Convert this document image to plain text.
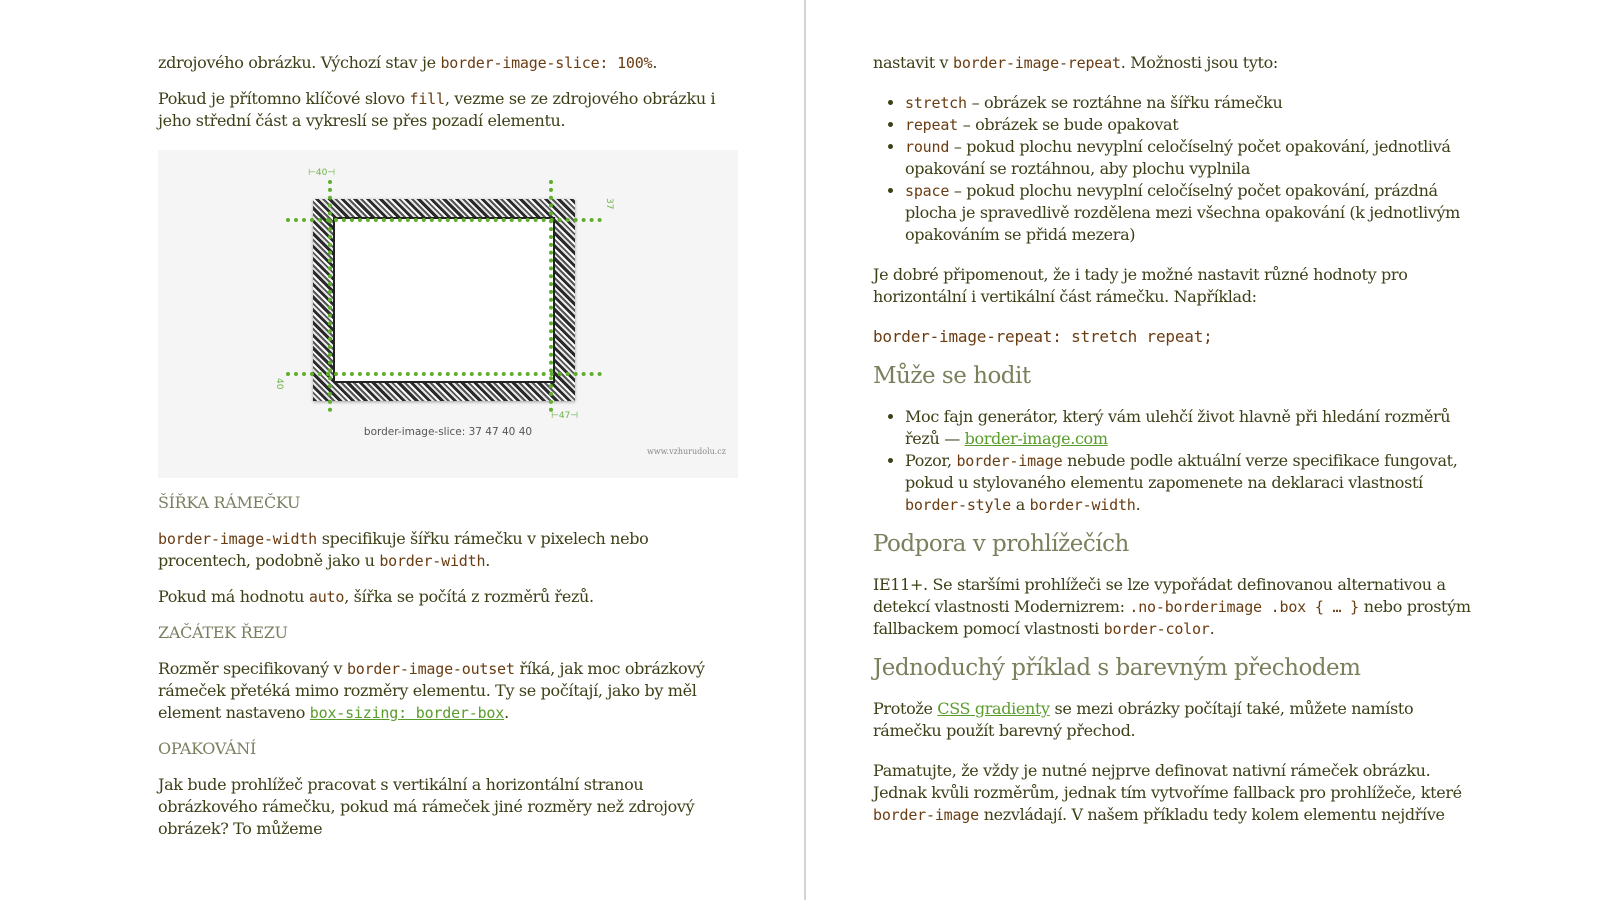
zdrojového obrázku. Výchozí stav je border-image-slice: 100%.

Pokud je přítomno klíčové slovo fill, vezme se ze zdrojového obrázku i jeho střední část a vykreslí se přes pozadí elementu.

⊢40⊣
37
40
⊢47⊣
border-image-slice: 37 47 40 40
www.vzhurudolu.cz
ŠÍŘKA RÁMEČKU

border-image-width specifikuje šířku rámečku v pixelech nebo procentech, podobně jako u border-width.

Pokud má hodnotu auto, šířka se počítá z rozměrů řezů.

ZAČÁTEK ŘEZU

Rozměr specifikovaný v border-image-outset říká, jak moc obrázkový rámeček přetéká mimo rozměry elementu. Ty se počítají, jako by měl element nastaveno box-sizing: border-box.

OPAKOVÁNÍ

Jak bude prohlížeč pracovat s vertikální a horizontální stranou obrázkového rámečku, pokud má rámeček jiné rozměry než zdrojový obrázek? To můžeme

nastavit v border-image-repeat. Možnosti jsou tyto:

• stretch – obrázek se roztáhne na šířku rámečku
• repeat – obrázek se bude opakovat
• round – pokud plochu nevyplní celočíselný počet opakování, jednotlivá opakování se roztáhnou, aby plochu vyplnila
• space – pokud plochu nevyplní celočíselný počet opakování, prázdná plocha je spravedlivě rozdělena mezi všechna opakování (k jednotlivým opakováním se přidá mezera)

Je dobré připomenout, že i tady je možné nastavit různé hodnoty pro horizontální i vertikální část rámečku. Například:

border-image-repeat: stretch repeat;
Může se hodit
• Moc fajn generátor, který vám ulehčí život hlavně při hledání rozměrů řezů — border-image.com
• Pozor, border-image nebude podle aktuální verze specifikace fungovat, pokud u stylovaného elementu zapomenete na deklaraci vlastností border-style a border-width.
Podpora v prohlížečích

IE11+. Se staršími prohlížeči se lze vypořádat definovanou alternativou a detekcí vlastnosti Modernizrem: .no-borderimage .box { … } nebo prostým fallbackem pomocí vlastnosti border-color.

Jednoduchý příklad s barevným přechodem

Protože CSS gradienty se mezi obrázky počítají také, můžete namísto rámečku použít barevný přechod.

Pamatujte, že vždy je nutné nejprve definovat nativní rámeček obrázku. Jednak kvůli rozměrům, jednak tím vytvoříme fallback pro prohlížeče, které border-image nezvládají. V našem příkladu tedy kolem elementu nejdříve
